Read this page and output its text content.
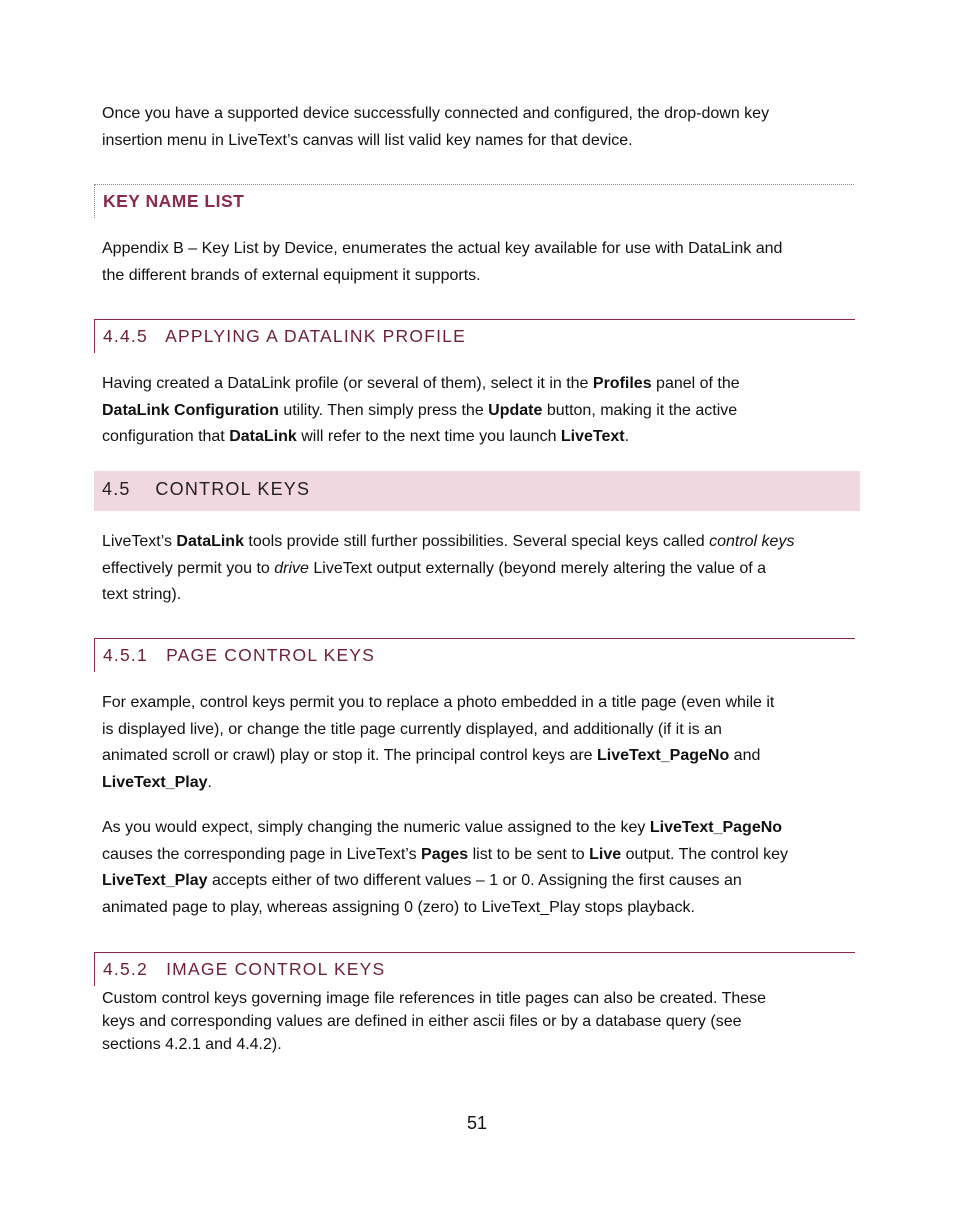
Once you have a supported device successfully connected and configured, the drop-down key
insertion menu in LiveText’s canvas will list valid key names for that device.

KEY NAME LIST

Appendix B – Key List by Device, enumerates the actual key available for use with DataLink and
the different brands of external equipment it supports.

4.4.5   APPLYING A DATALINK PROFILE

Having created a DataLink profile (or several of them), select it in the Profiles panel of the
DataLink Configuration utility. Then simply press the Update button, making it the active
configuration that DataLink will refer to the next time you launch LiveText.

4.5    CONTROL KEYS

LiveText’s DataLink tools provide still further possibilities. Several special keys called control keys
effectively permit you to drive LiveText output externally (beyond merely altering the value of a
text string).

4.5.1   PAGE CONTROL KEYS

For example, control keys permit you to replace a photo embedded in a title page (even while it
is displayed live), or change the title page currently displayed, and additionally (if it is an
animated scroll or crawl) play or stop it. The principal control keys are LiveText_PageNo and
LiveText_Play.

As you would expect, simply changing the numeric value assigned to the key LiveText_PageNo
causes the corresponding page in LiveText’s Pages list to be sent to Live output. The control key
LiveText_Play accepts either of two different values – 1 or 0. Assigning the first causes an
animated page to play, whereas assigning 0 (zero) to LiveText_Play stops playback.

4.5.2   IMAGE CONTROL KEYS

Custom control keys governing image file references in title pages can also be created. These
keys and corresponding values are defined in either ascii files or by a database query (see
sections 4.2.1 and 4.4.2).

51
